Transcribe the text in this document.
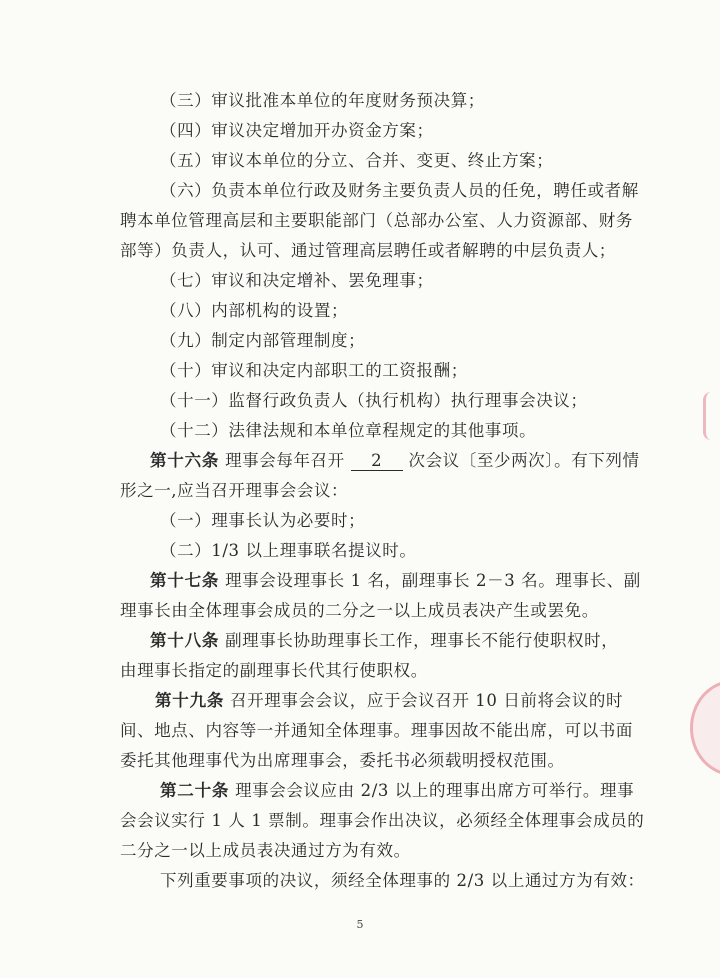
（三）审议批准本单位的年度财务预决算；
（四）审议决定增加开办资金方案；
（五）审议本单位的分立、合并、变更、终止方案；
（六）负责本单位行政及财务主要负责人员的任免，聘任或者解
聘本单位管理高层和主要职能部门（总部办公室、人力资源部、财务
部等）负责人，认可、通过管理高层聘任或者解聘的中层负责人；
（七）审议和决定增补、罢免理事；
（八）内部机构的设置；
（九）制定内部管理制度；
（十）审议和决定内部职工的工资报酬；
（十一）监督行政负责人（执行机构）执行理事会决议；
（十二）法律法规和本单位章程规定的其他事项。
第十六条 理事会每年召开 2 次会议〔至少两次〕。有下列情
形之一,应当召开理事会会议：
（一）理事长认为必要时；
（二）1/3 以上理事联名提议时。
第十七条 理事会设理事长 1 名，副理事长 2－3 名。理事长、副
理事长由全体理事会成员的二分之一以上成员表决产生或罢免。
第十八条 副理事长协助理事长工作，理事长不能行使职权时，
由理事长指定的副理事长代其行使职权。
第十九条 召开理事会会议，应于会议召开 10 日前将会议的时
间、地点、内容等一并通知全体理事。理事因故不能出席，可以书面
委托其他理事代为出席理事会，委托书必须载明授权范围。
第二十条 理事会会议应由 2/3 以上的理事出席方可举行。理事
会会议实行 1 人 1 票制。理事会作出决议，必须经全体理事会成员的
二分之一以上成员表决通过方为有效。
下列重要事项的决议，须经全体理事的 2/3 以上通过方为有效：
5
